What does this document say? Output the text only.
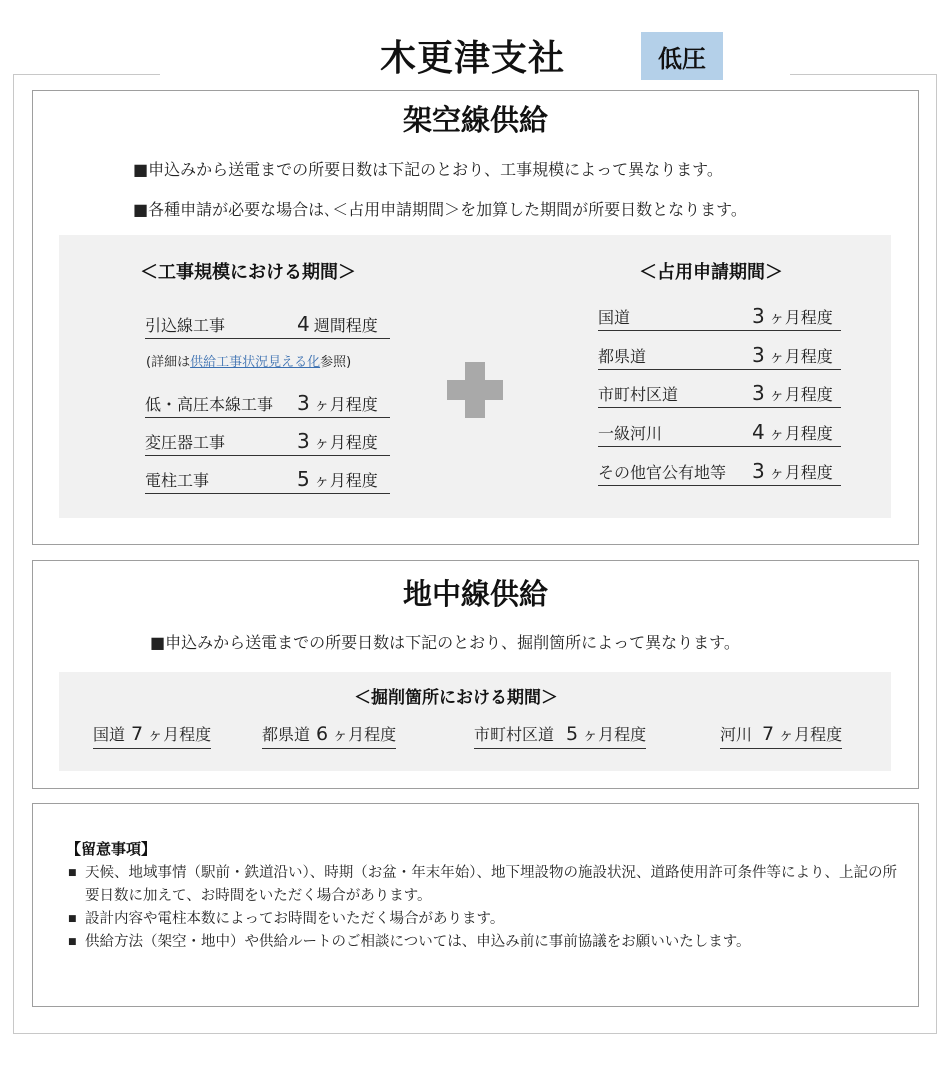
木更津支社	低圧
架空線供給
■申込みから送電までの所要日数は下記のとおり、工事規模によって異なります。
■各種申請が必要な場合は､＜占用申請期間＞を加算した期間が所要日数となります。
＜工事規模における期間＞	＜占用申請期間＞
引込線工事	4 週間程度
(詳細は供給工事状況見える化参照)
低・高圧本線工事 3 ヶ月程度
変圧器工事	3 ヶ月程度
電柱工事	5 ヶ月程度
国道	3 ヶ月程度
都県道	3 ヶ月程度
市町村区道	3 ヶ月程度
一級河川	4 ヶ月程度
その他官公有地等 3 ヶ月程度
地中線供給
■申込みから送電までの所要日数は下記のとおり、掘削箇所によって異なります。
＜掘削箇所における期間＞
国道 7 ヶ月程度	都県道 6 ヶ月程度	市町村区道 5 ヶ月程度	河川 7 ヶ月程度
【留意事項】
■ 天候、地域事情（駅前・鉄道沿い）、時期（お盆・年末年始）、地下埋設物の施設状況、道路使用許可条件等により、上記の所要日数に加えて、お時間をいただく場合があります。
■ 設計内容や電柱本数によってお時間をいただく場合があります。
■ 供給方法（架空・地中）や供給ルートのご相談については、申込み前に事前協議をお願いいたします。
